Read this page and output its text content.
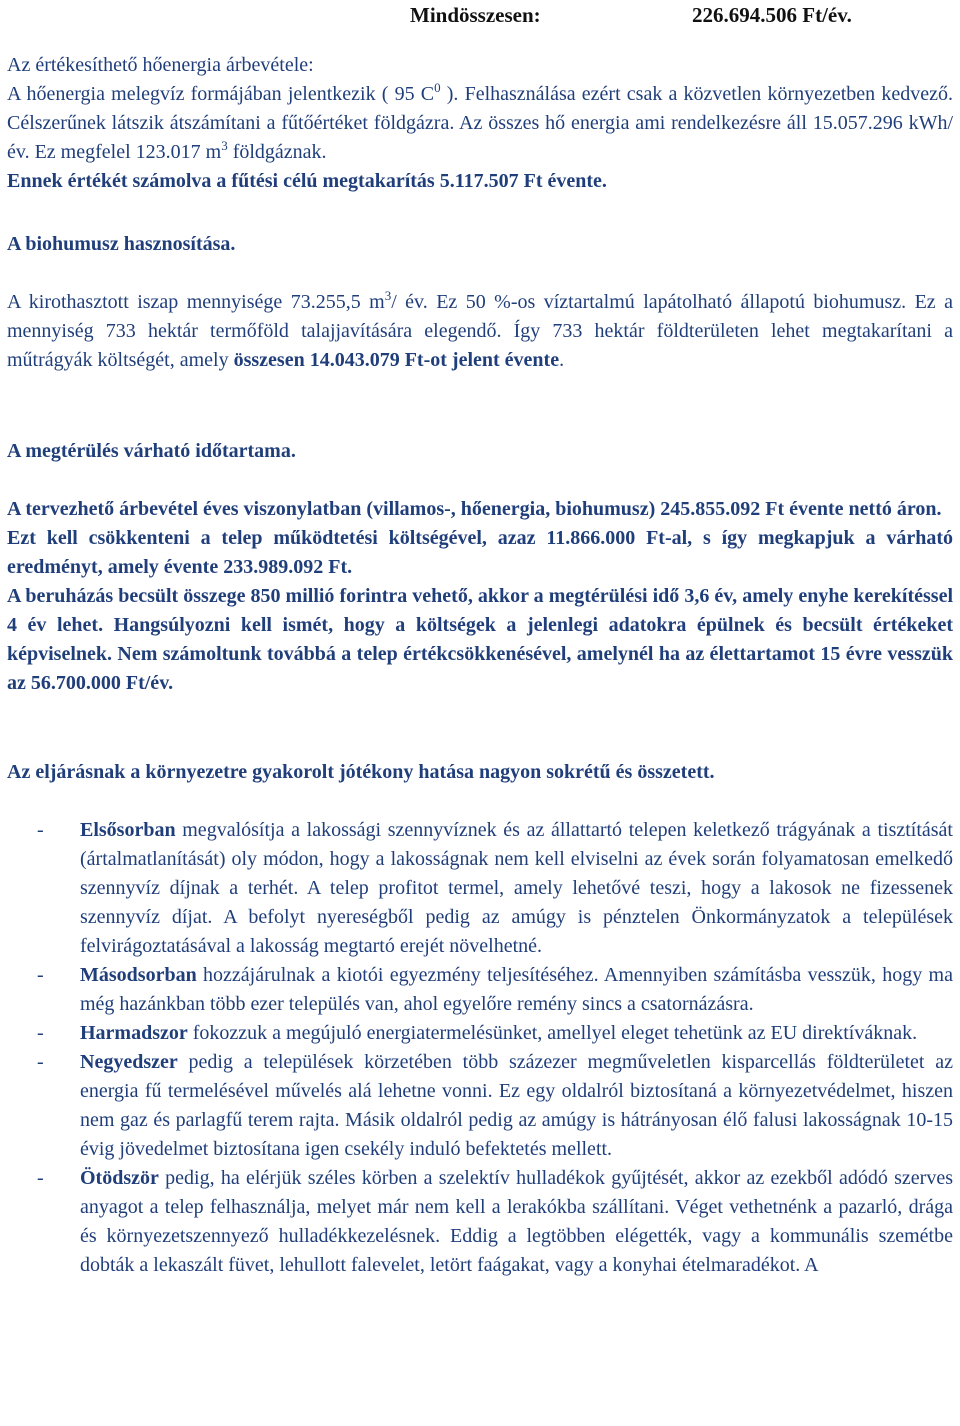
Mindösszesen:	226.694.506 Ft/év.

Az értékesíthető hőenergia árbevétele:

A hőenergia melegvíz formájában jelentkezik ( 95 $C^0$ ). Felhasználása ezért csak a közvetlen környezetben kedvező. Célszerűnek látszik átszámítani a fűtőértéket földgázra. Az összes hő energia ami rendelkezésre áll 15.057.296 kWh/év. Ez megfelel 123.017 $m^3$ földgáznak.

Ennek értékét számolva a fűtési célú megtakarítás 5.117.507 Ft évente.

A biohumusz hasznosítása.

A kirothasztott iszap mennyisége 73.255,5 $m^3/$ év. Ez 50 %-os víztartalmú lapátolható állapotú biohumusz. Ez a mennyiség 733 hektár termőföld talajjavítására elegendő. Így 733 hektár földterületen lehet megtakarítani a műtrágyák költségét, amely összesen 14.043.079 Ft-ot jelent évente.

A megtérülés várható időtartama.

A tervezhető árbevétel éves viszonylatban (villamos-, hőenergia, biohumusz) 245.855.092 Ft évente nettó áron.

Ezt kell csökkenteni a telep működtetési költségével, azaz 11.866.000 Ft-al, s így megkapjuk a várható eredményt, amely évente 233.989.092 Ft.

A beruházás becsült összege 850 millió forintra vehető, akkor a megtérülési idő 3,6 év, amely enyhe kerekítéssel 4 év lehet. Hangsúlyozni kell ismét, hogy a költségek a jelenlegi adatokra épülnek és becsült értékeket képviselnek. Nem számoltunk továbbá a telep értékcsökkenésével, amelynél ha az élettartamot 15 évre vesszük az 56.700.000 Ft/év.

Az eljárásnak a környezetre gyakorolt jótékony hatása nagyon sokrétű és összetett.

- Elsősorban megvalósítja a lakossági szennyvíznek és az állattartó telepen keletkező trágyának a tisztítását (ártalmatlanítását) oly módon, hogy a lakosságnak nem kell elviselni az évek során folyamatosan emelkedő szennyvíz díjnak a terhét. A telep profitot termel, amely lehetővé teszi, hogy a lakosok ne fizessenek szennyvíz díjat. A befolyt nyereségből pedig az amúgy is pénztelen Önkormányzatok a települések felvirágoztatásával a lakosság megtartó erejét növelhetné.
- Másodsorban hozzájárulnak a kiotói egyezmény teljesítéséhez. Amennyiben számításba vesszük, hogy ma még hazánkban több ezer település van, ahol egyelőre remény sincs a csatornázásra.
- Harmadszor fokozzuk a megújuló energiatermelésünket, amellyel eleget tehetünk az EU direktíváknak.
- Negyedszer pedig a települések körzetében több százezer megműveletlen kisparcellás földterületet az energia fű termelésével művelés alá lehetne vonni. Ez egy oldalról biztosítaná a környezetvédelmet, hiszen nem gaz és parlagfű terem rajta. Másik oldalról pedig az amúgy is hátrányosan élő falusi lakosságnak 10-15 évig jövedelmet biztosítana igen csekély induló befektetés mellett.
- Ötödször pedig, ha elérjük széles körben a szelektív hulladékok gyűjtését, akkor az ezekből adódó szerves anyagot a telep felhasználja, melyet már nem kell a lerakókba szállítani. Véget vethetnénk a pazarló, drága és környezetszennyező hulladékkezelésnek. Eddig a legtöbben elégették, vagy a kommunális szemétbe dobták a lekaszált füvet, lehullott falevelet, letört faágakat, vagy a konyhai ételmaradékot. A
